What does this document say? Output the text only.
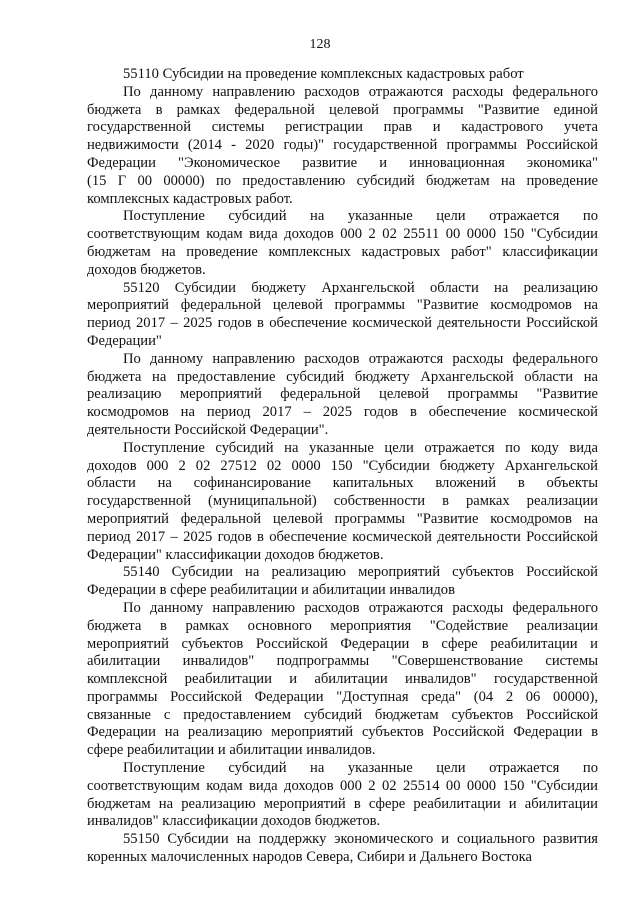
128
55110 Субсидии на проведение комплексных кадастровых работ
По данному направлению расходов отражаются расходы федерального
бюджета в рамках федеральной целевой программы "Развитие единой
государственной системы регистрации прав и кадастрового учета
недвижимости (2014 - 2020 годы)" государственной программы Российской
Федерации "Экономическое развитие и инновационная экономика"
(15 Г 00 00000) по предоставлению субсидий бюджетам на проведение
комплексных кадастровых работ.
Поступление субсидий на указанные цели отражается по
соответствующим кодам вида доходов 000 2 02 25511 00 0000 150 "Субсидии
бюджетам на проведение комплексных кадастровых работ" классификации
доходов бюджетов.
55120 Субсидии бюджету Архангельской области на реализацию
мероприятий федеральной целевой программы "Развитие космодромов на
период 2017 – 2025 годов в обеспечение космической деятельности Российской
Федерации"
По данному направлению расходов отражаются расходы федерального
бюджета на предоставление субсидий бюджету Архангельской области на
реализацию мероприятий федеральной целевой программы "Развитие
космодромов на период 2017 – 2025 годов в обеспечение космической
деятельности Российской Федерации".
Поступление субсидий на указанные цели отражается по коду вида
доходов 000 2 02 27512 02 0000 150 "Субсидии бюджету Архангельской
области на софинансирование капитальных вложений в объекты
государственной (муниципальной) собственности в рамках реализации
мероприятий федеральной целевой программы "Развитие космодромов на
период 2017 – 2025 годов в обеспечение космической деятельности Российской
Федерации" классификации доходов бюджетов.
55140 Субсидии на реализацию мероприятий субъектов Российской
Федерации в сфере реабилитации и абилитации инвалидов
По данному направлению расходов отражаются расходы федерального
бюджета в рамках основного мероприятия "Содействие реализации
мероприятий субъектов Российской Федерации в сфере реабилитации и
абилитации инвалидов" подпрограммы "Совершенствование системы
комплексной реабилитации и абилитации инвалидов" государственной
программы Российской Федерации "Доступная среда" (04 2 06 00000),
связанные с предоставлением субсидий бюджетам субъектов Российской
Федерации на реализацию мероприятий субъектов Российской Федерации в
сфере реабилитации и абилитации инвалидов.
Поступление субсидий на указанные цели отражается по
соответствующим кодам вида доходов 000 2 02 25514 00 0000 150 "Субсидии
бюджетам на реализацию мероприятий в сфере реабилитации и абилитации
инвалидов" классификации доходов бюджетов.
55150 Субсидии на поддержку экономического и социального развития
коренных малочисленных народов Севера, Сибири и Дальнего Востока
